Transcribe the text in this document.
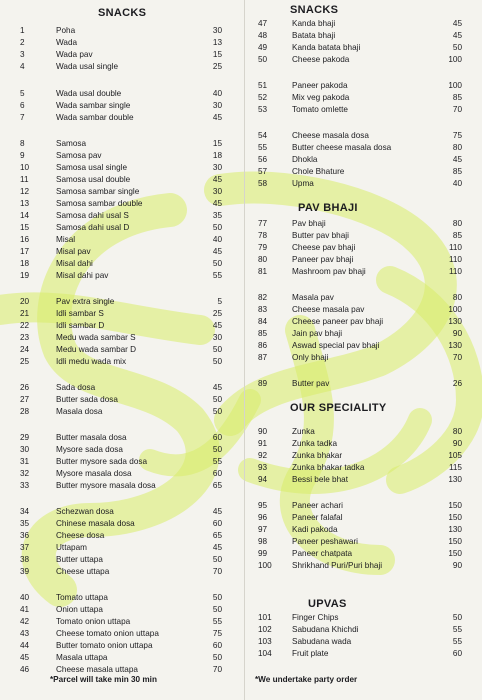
SNACKS
1	Poha	30
2	Wada	13
3	Wada pav	15
4	Wada usal single	25
5	Wada usal double	40
6	Wada sambar single	30
7	Wada sambar double	45
8	Samosa	15
9	Samosa pav	18
10	Samosa usal single	30
11	Samosa usal double	45
12	Samosa sambar single	30
13	Samosa sambar double	45
14	Samosa dahi usal S	35
15	Samosa dahi usal D	50
16	Misal	40
17	Misal pav	45
18	Misal dahi	50
19	Misal dahi pav	55
20	Pav extra single	5
21	Idli sambar S	25
22	Idli sambar D	45
23	Medu wada sambar S	30
24	Medu wada sambar D	50
25	Idli medu wada mix	50
26	Sada dosa	45
27	Butter sada dosa	50
28	Masala dosa	50
29	Butter masala dosa	60
30	Mysore sada dosa	50
31	Butter mysore sada dosa	55
32	Mysore masala dosa	60
33	Butter mysore masala dosa	65
34	Schezwan dosa	45
35	Chinese masala dosa	60
36	Cheese dosa	65
37	Uttapam	45
38	Butter uttapa	50
39	Cheese uttapa	70
40	Tomato uttapa	50
41	Onion uttapa	50
42	Tomato onion uttapa	55
43	Cheese tomato onion uttapa	75
44	Butter tomato onion uttapa	60
45	Masala uttapa	50
46	Cheese masala uttapa	70
*Parcel will take min 30 min
SNACKS
PAV BHAJI
OUR SPECIALITY
UPVAS
47	Kanda bhaji	45
48	Batata bhaji	45
49	Kanda batata bhaji	50
50	Cheese pakoda	100
51	Paneer pakoda	100
52	Mix veg pakoda	85
53	Tomato omlette	70
54	Cheese masala dosa	75
55	Butter cheese masala dosa	80
56	Dhokla	45
57	Chole Bhature	85
58	Upma	40
77	Pav bhaji	80
78	Butter pav bhaji	85
79	Cheese pav bhaji	110
80	Paneer pav bhaji	110
81	Mashroom pav bhaji	110
82	Masala pav	80
83	Cheese masala pav	100
84	Cheese paneer pav bhaji	130
85	Jain pav bhaji	90
86	Aswad special pav bhaji	130
87	Only bhaji	70
89	Butter pav	26
90	Zunka	80
91	Zunka tadka	90
92	Zunka bhakar	105
93	Zunka bhakar tadka	115
94	Bessi bele bhat	130
95	Paneer achari	150
96	Paneer falafal	150
97	Kadi pakoda	130
98	Paneer peshawari	150
99	Paneer chatpata	150
100	Shrikhand Puri/Puri bhaji	90
101	Finger Chips	50
102	Sabudana Khichdi	55
103	Sabudana wada	55
104	Fruit plate	60
*We undertake party order
